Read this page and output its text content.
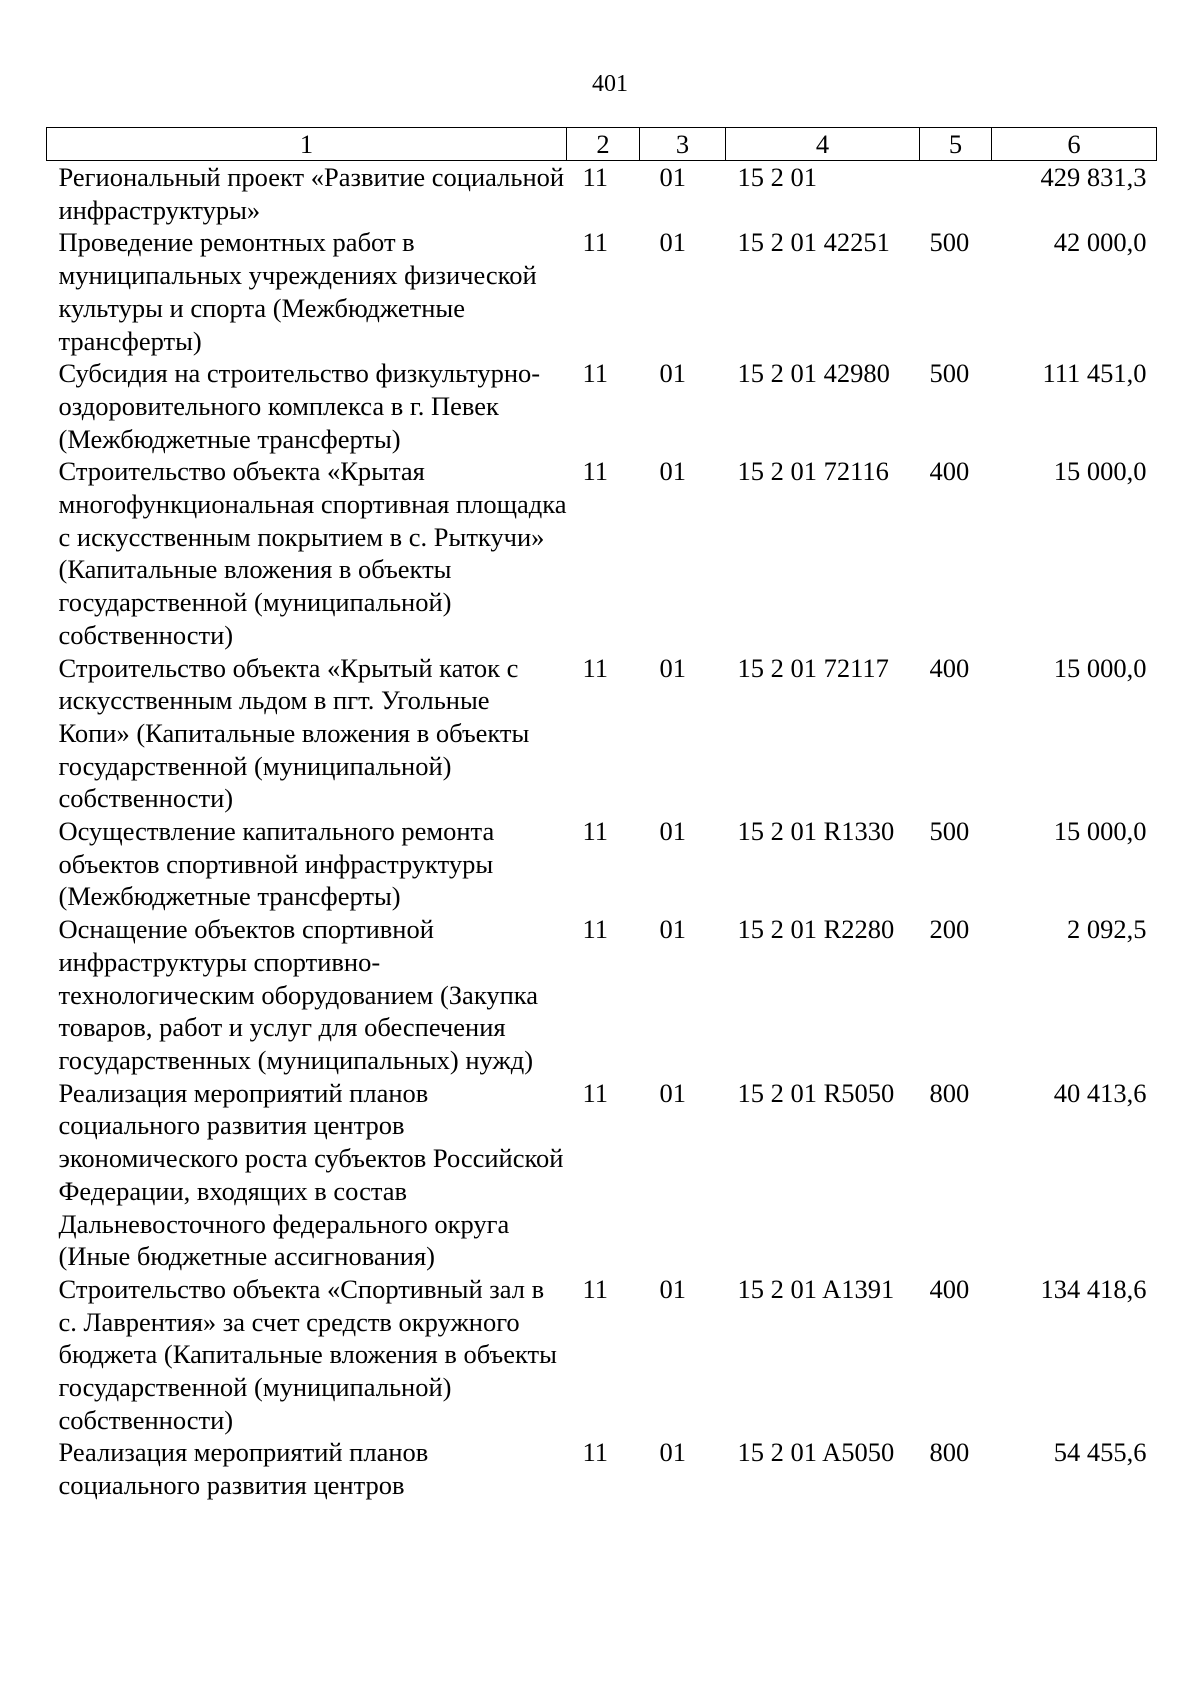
401
1	2	3	4	5	6
Региональный проект «Развитие социальной инфраструктуры»	11	01	15 2 01		429 831,3
Проведение ремонтных работ в муниципальных учреждениях физической культуры и спорта (Межбюджетные трансферты)	11	01	15 2 01 42251	500	42 000,0
Субсидия на строительство физкультурно-оздоровительного комплекса в г. Певек (Межбюджетные трансферты)	11	01	15 2 01 42980	500	111 451,0
Строительство объекта «Крытая многофункциональная спортивная площадка с искусственным покрытием в с. Рыткучи» (Капитальные вложения в объекты государственной (муниципальной) собственности)	11	01	15 2 01 72116	400	15 000,0
Строительство объекта «Крытый каток с искусственным льдом в пгт. Угольные Копи» (Капитальные вложения в объекты государственной (муниципальной) собственности)	11	01	15 2 01 72117	400	15 000,0
Осуществление капитального ремонта объектов спортивной инфраструктуры (Межбюджетные трансферты)	11	01	15 2 01 R1330	500	15 000,0
Оснащение объектов спортивной инфраструктуры спортивно-технологическим оборудованием (Закупка товаров, работ и услуг для обеспечения государственных (муниципальных) нужд)	11	01	15 2 01 R2280	200	2 092,5
Реализация мероприятий планов социального развития центров экономического роста субъектов Российской Федерации, входящих в состав Дальневосточного федерального округа (Иные бюджетные ассигнования)	11	01	15 2 01 R5050	800	40 413,6
Строительство объекта «Спортивный зал в с. Лаврентия» за счет средств окружного бюджета (Капитальные вложения в объекты государственной (муниципальной) собственности)	11	01	15 2 01 A1391	400	134 418,6
Реализация мероприятий планов социального развития центров	11	01	15 2 01 A5050	800	54 455,6
